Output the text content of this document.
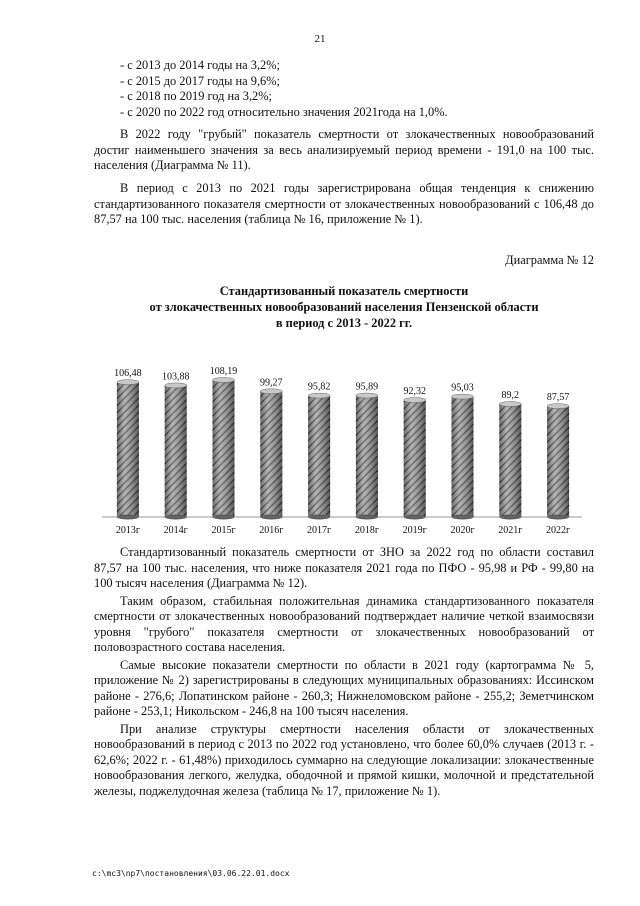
21
- с 2013 до 2014 годы на 3,2%;
- с 2015 до 2017 годы на 9,6%;
- с 2018 по 2019 год на 3,2%;
- с 2020 по 2022 год относительно значения 2021года на 1,0%.

В 2022 году "грубый" показатель смертности от злокачественных новообразований достиг наименьшего значения за весь анализируемый период времени - 191,0 на 100 тыс. населения (Диаграмма № 11).

В период с 2013 по 2021 годы зарегистрирована общая тенденция к снижению стандартизованного показателя смертности от злокачественных новообразований с 106,48 до 87,57 на 100 тыс. населения (таблица № 16, приложение № 1).

Диаграмма № 12
Стандартизованный показатель смертности
от злокачественных новообразований населения Пензенской области
в период с 2013 - 2022 гг.
106,48
2013г
103,88
2014г
108,19
2015г
99,27
2016г
95,82
2017г
95,89
2018г
92,32
2019г
95,03
2020г
89,2
2021г
87,57
2022г

Стандартизованный показатель смертности от ЗНО за 2022 год по области составил 87,57 на 100 тыс. населения, что ниже показателя 2021 года по ПФО - 95,98 и РФ - 99,80 на 100 тысяч населения (Диаграмма № 12).

Таким образом, стабильная положительная динамика стандартизованного показателя смертности от злокачественных новообразований подтверждает наличие четкой взаимосвязи уровня "грубого" показателя смертности от злокачественных новообразований от половозрастного состава населения.

Самые высокие показатели смертности по области в 2021 году (картограмма № 5, приложение № 2) зарегистрированы в следующих муниципальных образованиях: Иссинском районе - 276,6; Лопатинском районе - 260,3; Нижнеломовском районе - 255,2; Земетчинском районе - 253,1; Никольском - 246,8 на 100 тысяч населения.

При анализе структуры смертности населения области от злокачественных новообразований в период с 2013 по 2022 год установлено, что более 60,0% случаев (2013 г. - 62,6%; 2022 г. - 61,48%) приходилось суммарно на следующие локализации: злокачественные новообразования легкого, желудка, ободочной и прямой кишки, молочной и предстательной железы, поджелудочная железа (таблица № 17, приложение № 1).

c:\mc3\np7\постановления\03.06.22.01.docx
